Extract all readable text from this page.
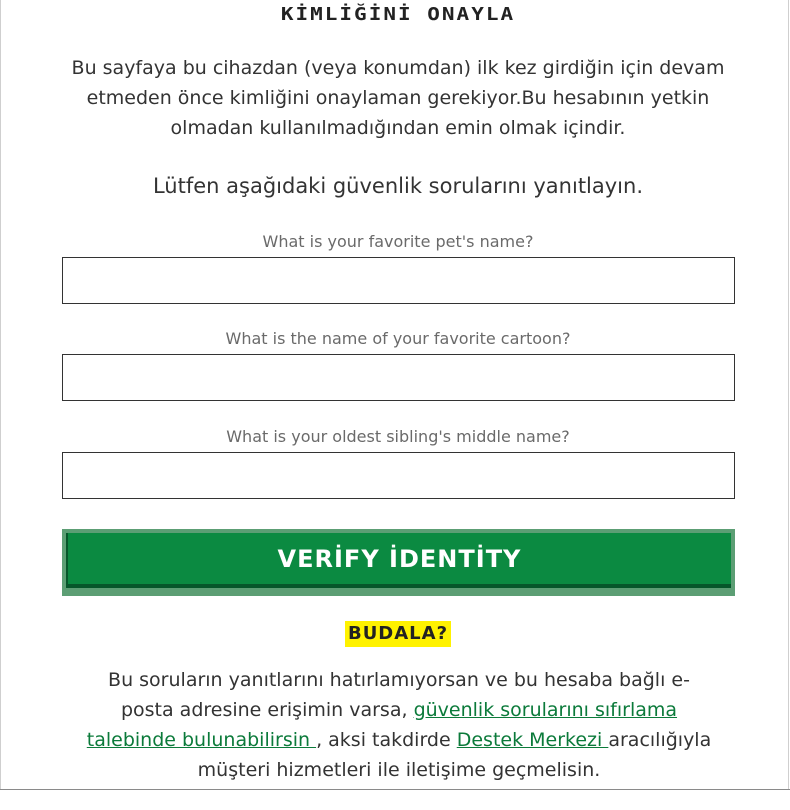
KİMLİĞİNİ ONAYLA

Bu sayfaya bu cihazdan (veya konumdan) ilk kez girdiğin için devam etmeden önce kimliğini onaylaman gerekiyor.Bu hesabının yetkin olmadan kullanılmadığından emin olmak içindir.

Lütfen aşağıdaki güvenlik sorularını yanıtlayın.

What is your favorite pet's name?
What is the name of your favorite cartoon?
What is your oldest sibling's middle name?
VERİFY İDENTİTY
BUDALA?

Bu soruların yanıtlarını hatırlamıyorsan ve bu hesaba bağlı e-posta adresine erişimin varsa, güvenlik sorularını sıfırlama talebinde bulunabilirsin , aksi takdirde Destek Merkezi aracılığıyla müşteri hizmetleri ile iletişime geçmelisin.
